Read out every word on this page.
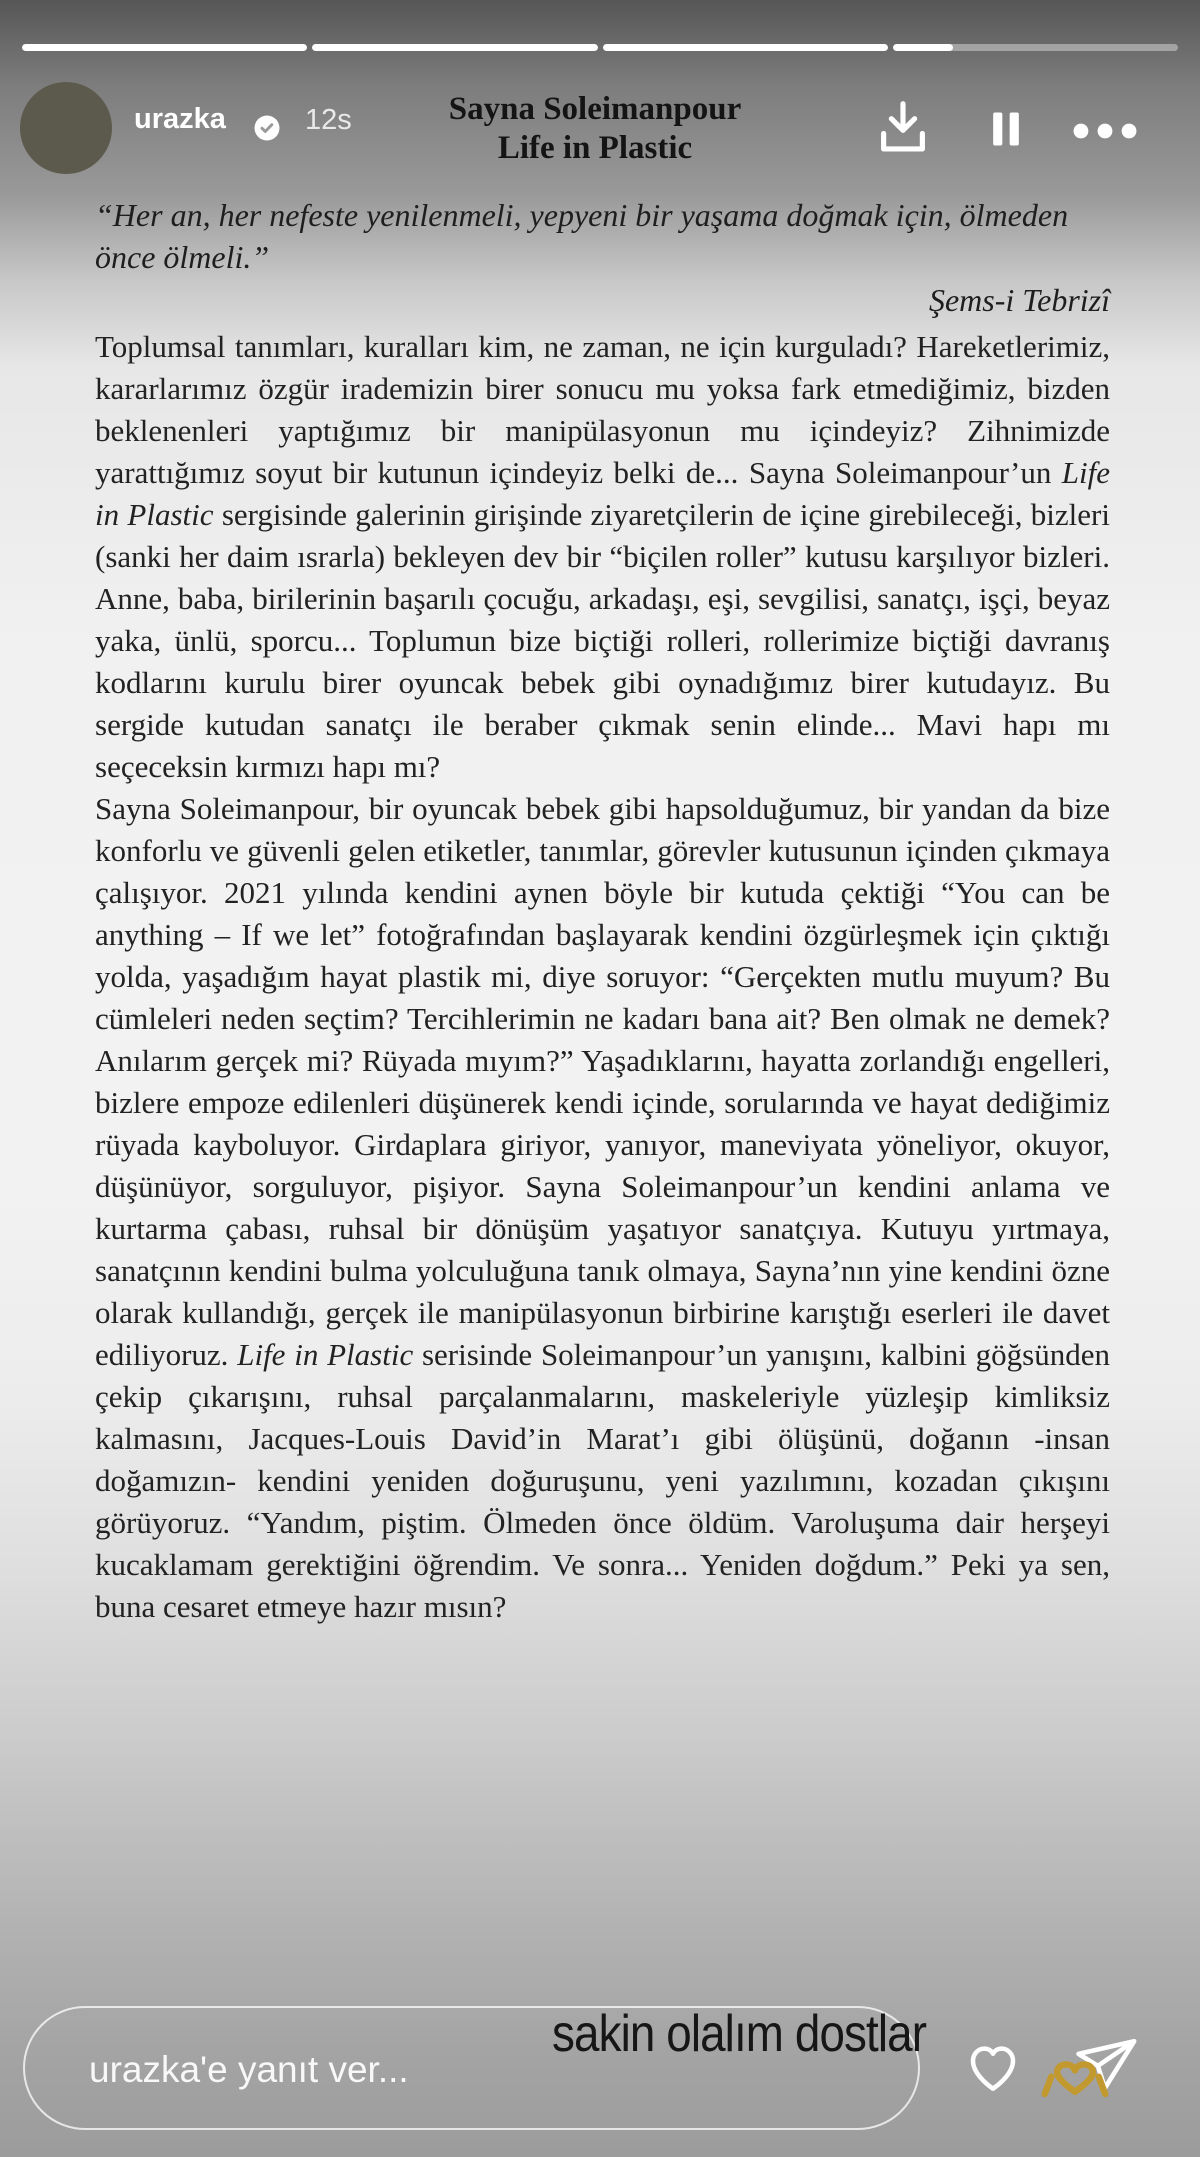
urazka	12s	Sayna Soleimanpour
Life in Plastic
“Her an, her nefeste yenilenmeli, yepyeni bir yaşama doğmak için, ölmeden önce ölmeli.”
Şems-i Tebrizî

Toplumsal tanımları, kuralları kim, ne zaman, ne için kurguladı? Hareketlerimiz, kararlarımız özgür irademizin birer sonucu mu yoksa fark etmediğimiz, bizden beklenenleri yaptığımız bir manipülasyonun mu içindeyiz? Zihnimizde yarattığımız soyut bir kutunun içindeyiz belki de... Sayna Soleimanpour’un Life in Plastic sergisinde galerinin girişinde ziyaretçilerin de içine girebileceği, bizleri (sanki her daim ısrarla) bekleyen dev bir “biçilen roller” kutusu karşılıyor bizleri. Anne, baba, birilerinin başarılı çocuğu, arkadaşı, eşi, sevgilisi, sanatçı, işçi, beyaz yaka, ünlü, sporcu... Toplumun bize biçtiği rolleri, rollerimize biçtiği davranış kodlarını kurulu birer oyuncak bebek gibi oynadığımız birer kutudayız. Bu sergide kutudan sanatçı ile beraber çıkmak senin elinde... Mavi hapı mı seçeceksin kırmızı hapı mı?

Sayna Soleimanpour, bir oyuncak bebek gibi hapsolduğumuz, bir yandan da bize konforlu ve güvenli gelen etiketler, tanımlar, görevler kutusunun içinden çıkmaya çalışıyor. 2021 yılında kendini aynen böyle bir kutuda çektiği “You can be anything – If we let” fotoğrafından başlayarak kendini özgürleşmek için çıktığı yolda, yaşadığım hayat plastik mi, diye soruyor: “Gerçekten mutlu muyum? Bu cümleleri neden seçtim? Tercihlerimin ne kadarı bana ait? Ben olmak ne demek? Anılarım gerçek mi? Rüyada mıyım?” Yaşadıklarını, hayatta zorlandığı engelleri, bizlere empoze edilenleri düşünerek kendi içinde, sorularında ve hayat dediğimiz rüyada kayboluyor. Girdaplara giriyor, yanıyor, maneviyata yöneliyor, okuyor, düşünüyor, sorguluyor, pişiyor. Sayna Soleimanpour’un kendini anlama ve kurtarma çabası, ruhsal bir dönüşüm yaşatıyor sanatçıya. Kutuyu yırtmaya, sanatçının kendini bulma yolculuğuna tanık olmaya, Sayna’nın yine kendini özne olarak kullandığı, gerçek ile manipülasyonun birbirine karıştığı eserleri ile davet ediliyoruz. Life in Plastic serisinde Soleimanpour’un yanışını, kalbini göğsünden çekip çıkarışını, ruhsal parçalanmalarını, maskeleriyle yüzleşip kimliksiz kalmasını, Jacques-Louis David’in Marat’ı gibi ölüşünü, doğanın -insan doğamızın- kendini yeniden doğuruşunu, yeni yazılımını, kozadan çıkışını görüyoruz. “Yandım, piştim. Ölmeden önce öldüm. Varoluşuma dair herşeyi kucaklamam gerektiğini öğrendim. Ve sonra... Yeniden doğdum.” Peki ya sen, buna cesaret etmeye hazır mısın?

urazka'e yanıt ver...
sakin olalım dostlar
